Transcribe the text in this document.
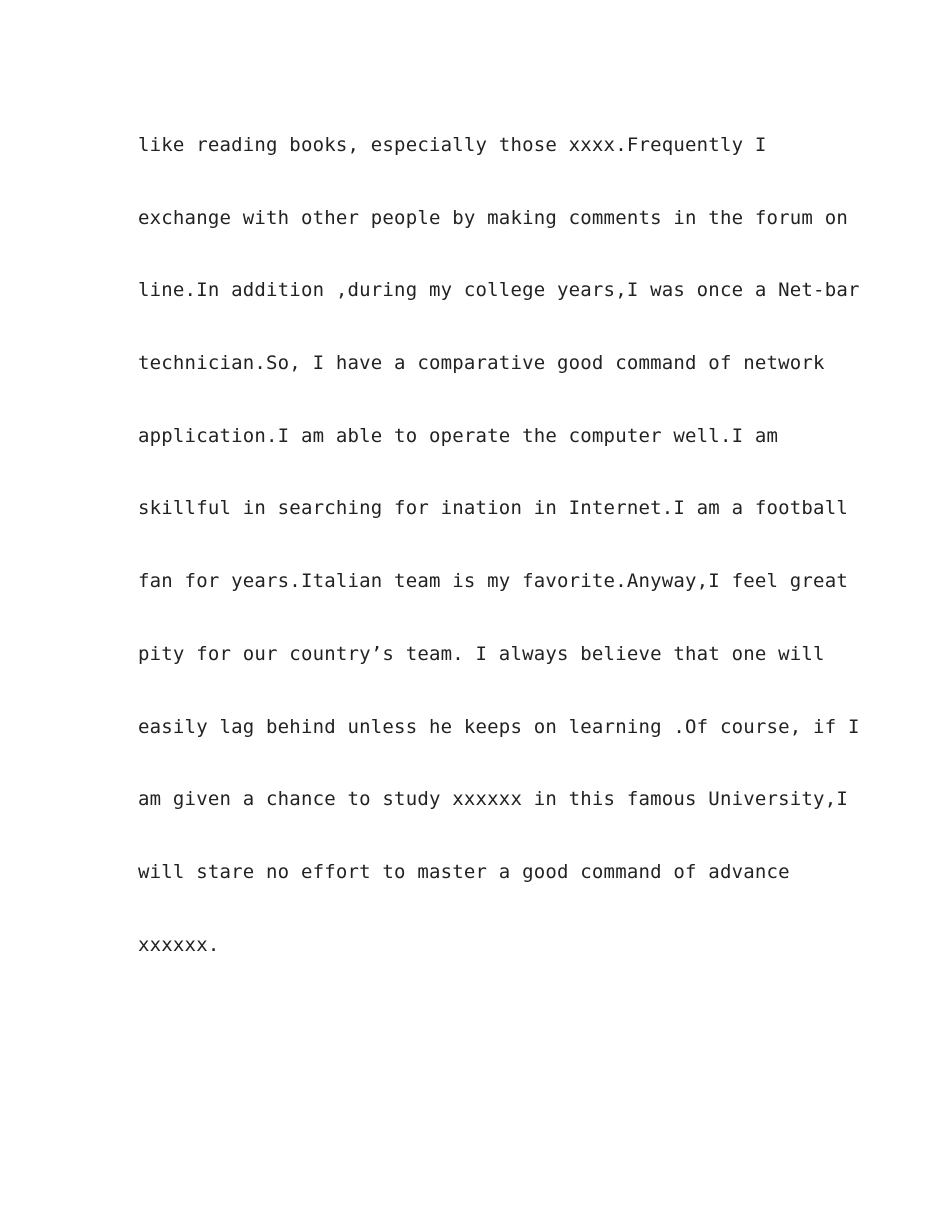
like reading books, especially those xxxx.Frequently I
exchange with other people by making comments in the forum on
line.In addition ,during my college years,I was once a Net-bar
technician.So, I have a comparative good command of network
application.I am able to operate the computer well.I am
skillful in searching for ination in Internet.I am a football
fan for years.Italian team is my favorite.Anyway,I feel great
pity for our country’s team. I always believe that one will
easily lag behind unless he keeps on learning .Of course, if I
am given a chance to study xxxxxx in this famous University,I
will stare no effort to master a good command of advance
xxxxxx.
